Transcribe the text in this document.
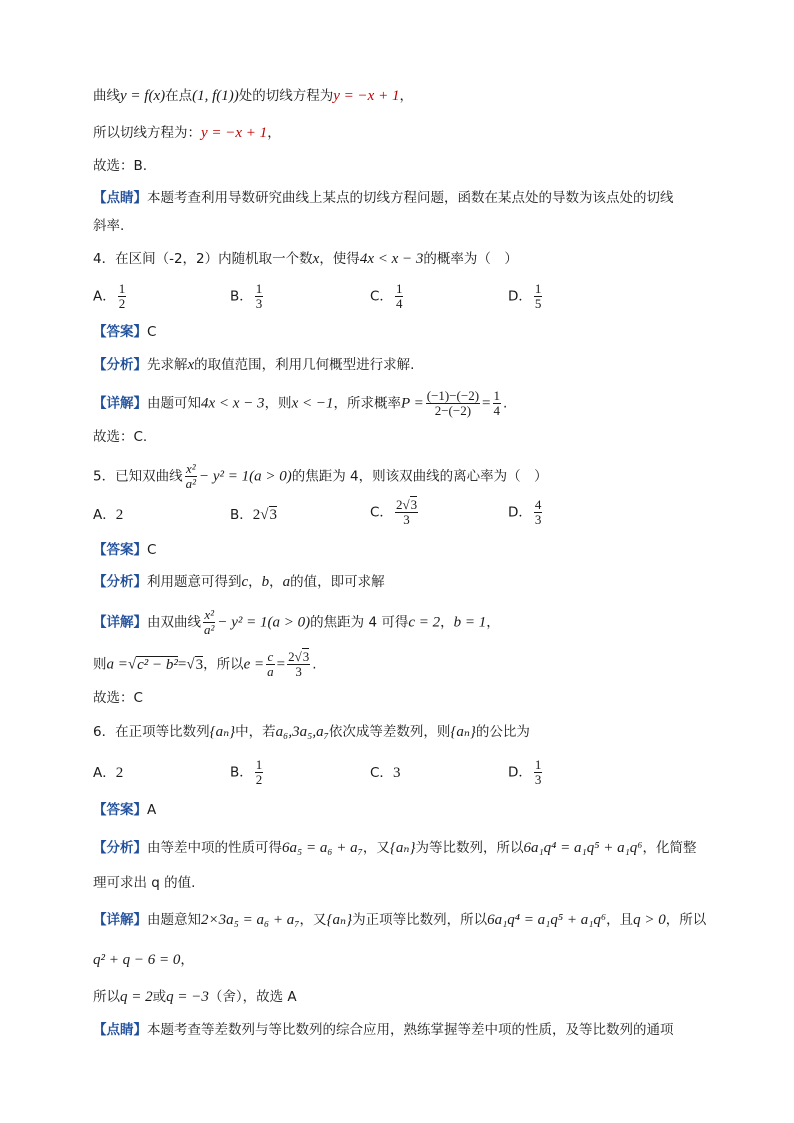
曲线y = f(x)在点(1, f(1))处的切线方程为y = −x + 1，
所以切线方程为：y = −x + 1，
故选：B.
【点睛】本题考查利用导数研究曲线上某点的切线方程问题，函数在某点处的导数为该点处的切线
斜率.
4．在区间（-2，2）内随机取一个数x，使得4x < x − 3的概率为（　）
A． $\frac{1}{2}$	B． $\frac{1}{3}$	C． $\frac{1}{4}$	D． $\frac{1}{5}$
【答案】C
【分析】先求解x的取值范围，利用几何概型进行求解.
【详解】由题可知4x < x − 3，则x < −1，所求概率$P = \frac{(-1)-(-2)}{2-(-2)} = \frac{1}{4}$ .
故选：C.
5．已知双曲线 $\frac{\text{x²}}{\text{a²}} - y^2 = 1(a > 0)$的焦距为 4，则该双曲线的离心率为（　）
A．2	B．2√3	C． $\frac{2√3}{3}$	D． $\frac{4}{3}$
【答案】C
【分析】利用题意可得到c，b，a的值，即可求解
【详解】由双曲线 $\frac{\text{x²}}{\text{a²}} - y^2 = 1(a > 0)$的焦距为 4 可得c = 2，b = 1，
则a =√c² − b²=√3，所以$e = \frac{c}{a} = \frac{2√3}{3}$ .
故选：C
6．在正项等比数列{aₙ}中，若a₆,3a₅,a₇依次成等差数列，则{aₙ}的公比为
A．2	B． $\frac{1}{2}$	C．3	D． $\frac{1}{3}$
【答案】A
【分析】由等差中项的性质可得6a₅ = a₆ + a₇，又{aₙ}为等比数列，所以6a₁q⁴ = a₁q⁵ + a₁q⁶，化简整
理可求出 q 的值.
【详解】由题意知2×3a₅ = a₆ + a₇，又{aₙ}为正项等比数列，所以6a₁q⁴ = a₁q⁵ + a₁q⁶，且q > 0，所以
q² + q − 6 = 0，
所以q = 2或q = −3（舍），故选 A
【点睛】本题考查等差数列与等比数列的综合应用，熟练掌握等差中项的性质，及等比数列的通项
